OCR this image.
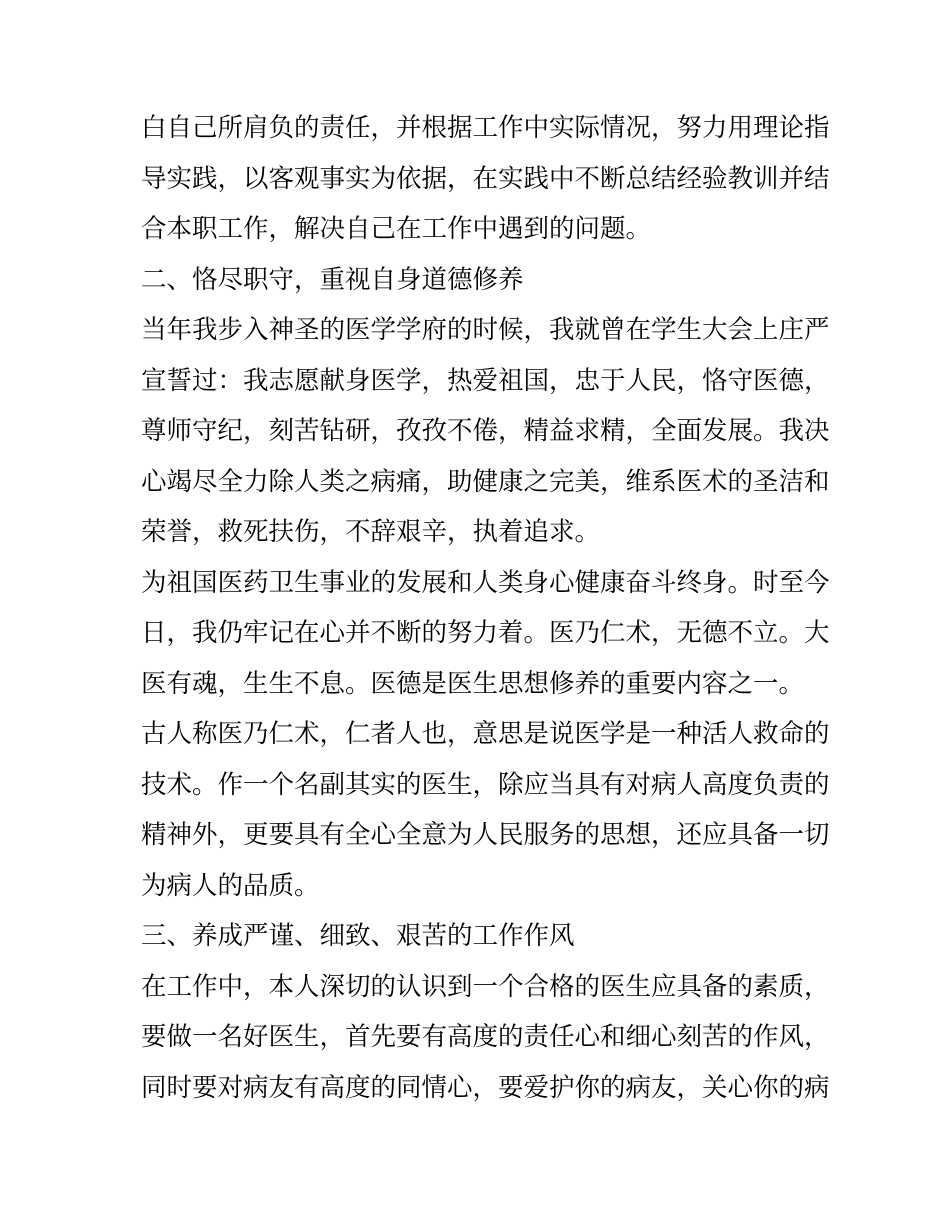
白自己所肩负的责任，并根据工作中实际情况，努力用理论指
导实践，以客观事实为依据，在实践中不断总结经验教训并结
合本职工作，解决自己在工作中遇到的问题。
二、恪尽职守，重视自身道德修养
当年我步入神圣的医学学府的时候，我就曾在学生大会上庄严
宣誓过：我志愿献身医学，热爱祖国，忠于人民，恪守医德，
尊师守纪，刻苦钻研，孜孜不倦，精益求精，全面发展。我决
心竭尽全力除人类之病痛，助健康之完美，维系医术的圣洁和
荣誉，救死扶伤，不辞艰辛，执着追求。
为祖国医药卫生事业的发展和人类身心健康奋斗终身。时至今
日，我仍牢记在心并不断的努力着。医乃仁术，无德不立。大
医有魂，生生不息。医德是医生思想修养的重要内容之一。
古人称医乃仁术，仁者人也，意思是说医学是一种活人救命的
技术。作一个名副其实的医生，除应当具有对病人高度负责的
精神外，更要具有全心全意为人民服务的思想，还应具备一切
为病人的品质。
三、养成严谨、细致、艰苦的工作作风
在工作中，本人深切的认识到一个合格的医生应具备的素质，
要做一名好医生，首先要有高度的责任心和细心刻苦的作风，
同时要对病友有高度的同情心，要爱护你的病友，关心你的病
